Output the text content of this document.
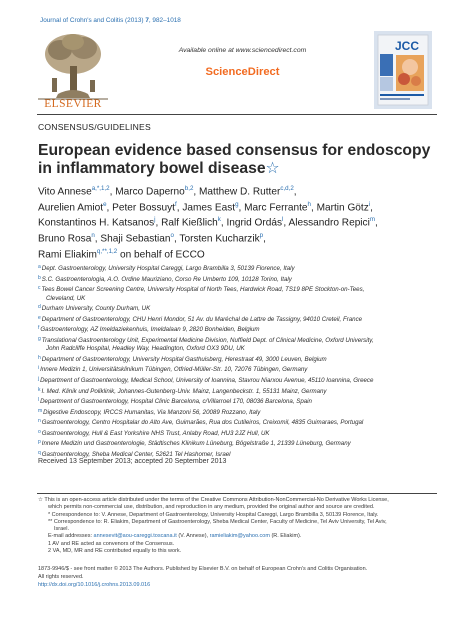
Journal of Crohn's and Colitis (2013) 7, 982–1018
ELSEVIER
Available online at www.sciencedirect.com
ScienceDirect
JCC
CONSENSUS/GUIDELINES
European evidence based consensus for endoscopy in inflammatory bowel disease☆
Vito Annese$^{a,*,1,2}$, Marco Daperno$^{b,2}$, Matthew D. Rutter$^{c,d,2}$,
Aurelien Amiot$^e$, Peter Bossuyt$^f$, James East$^g$, Marc Ferrante$^h$, Martin Götz$^i$,
Konstantinos H. Katsanos$^j$, Ralf Kießlich$^k$, Ingrid Ordás$^l$, Alessandro Repici$^m$,
Bruno Rosa$^n$, Shaji Sebastian$^o$, Torsten Kucharzik$^p$,
Rami Eliakim$^{q,**,1,2}$ on behalf of ECCO
$^a$Dept. Gastroenterology, University Hospital Careggi, Largo Brambilla 3, 50139 Florence, Italy
$^b$S.C. Gastroenterologia, A.O. Ordine Mauriziano, Corso Re Umberto 109, 10128 Torino, Italy
$^c$Tees Bowel Cancer Screening Centre, University Hospital of North Tees, Hardwick Road, TS19 8PE Stockton-on-Tees,
Cleveland, UK
$^d$Durham University, County Durham, UK
$^e$Department of Gastroenterology, CHU Henri Mondor, 51 Av. du Maréchal de Lattre de Tassigny, 94010 Creteil, France
$^f$Gastroenterology, AZ Imeldaziekenhuis, Imeldalaan 9, 2820 Bonheiden, Belgium
$^g$Translational Gastroenterology Unit, Experimental Medicine Division, Nuffield Dept. of Clinical Medicine, Oxford University,
John Radcliffe Hospital, Headley Way, Headington, Oxford OX3 9DU, UK
$^h$Department of Gastroenterology, University Hospital Gasthuisberg, Herestraat 49, 3000 Leuven, Belgium
$^i$Innere Medizin 1, Universitätsklinikum Tübingen, Otfried-Müller-Str. 10, 72076 Tübingen, Germany
$^j$Department of Gastroenterology, Medical School, University of Ioannina, Stavrou Niarxou Avenue, 45110 Ioannina, Greece
$^k$I. Med. Klinik und Poliklinik, Johannes-Gutenberg-Univ. Mainz, Langenbeckstr. 1, 55131 Mainz, Germany
$^l$Department of Gastroenterology, Hospital Clinic Barcelona, c/Villarroel 170, 08036 Barcelona, Spain
$^m$Digestive Endoscopy, IRCCS Humanitas, Via Manzoni 56, 20089 Rozzano, Italy
$^n$Gastroenterology, Centro Hospitalar do Alto Ave, Guimarães, Rua dos Cutileiros, Creixomil, 4835 Guimaraes, Portugal
$^o$Gastroenterology, Hull & East Yorkshire NHS Trust, Anlaby Road, HU3 2JZ Hull, UK
$^p$Innere Medizin und Gastroenterologie, Städtisches Klinikum Lüneburg, Bögelstraße 1, 21339 Lüneburg, Germany
$^q$Gastroenterology, Sheba Medical Center, 52621 Tel Hashomer, Israel
Received 13 September 2013; accepted 20 September 2013
☆ This is an open-access article distributed under the terms of the Creative Commons Attribution-NonCommercial-No Derivative Works License,
which permits non-commercial use, distribution, and reproduction in any medium, provided the original author and source are credited.
* Correspondence to: V. Annese, Department of Gastroenterology, University Hospital Careggi, Largo Brambilla 3, 50139 Florence, Italy.
** Correspondence to: R. Eliakim, Department of Gastroenterology, Sheba Medical Center, Faculty of Medicine, Tel Aviv University, Tel Aviv,
Israel.
E-mail addresses: annesevit@aou-careggi.toscana.it (V. Annese), ramieliakim@yahoo.com (R. Eliakim).
1 AV and RE acted as convenors of the Consensus.
2 VA, MD, MR and RE contributed equally to this work.
1873-9946/$ - see front matter © 2013 The Authors. Published by Elsevier B.V. on behalf of European Crohn's and Colitis Organisation.
All rights reserved.
http://dx.doi.org/10.1016/j.crohns.2013.09.016
